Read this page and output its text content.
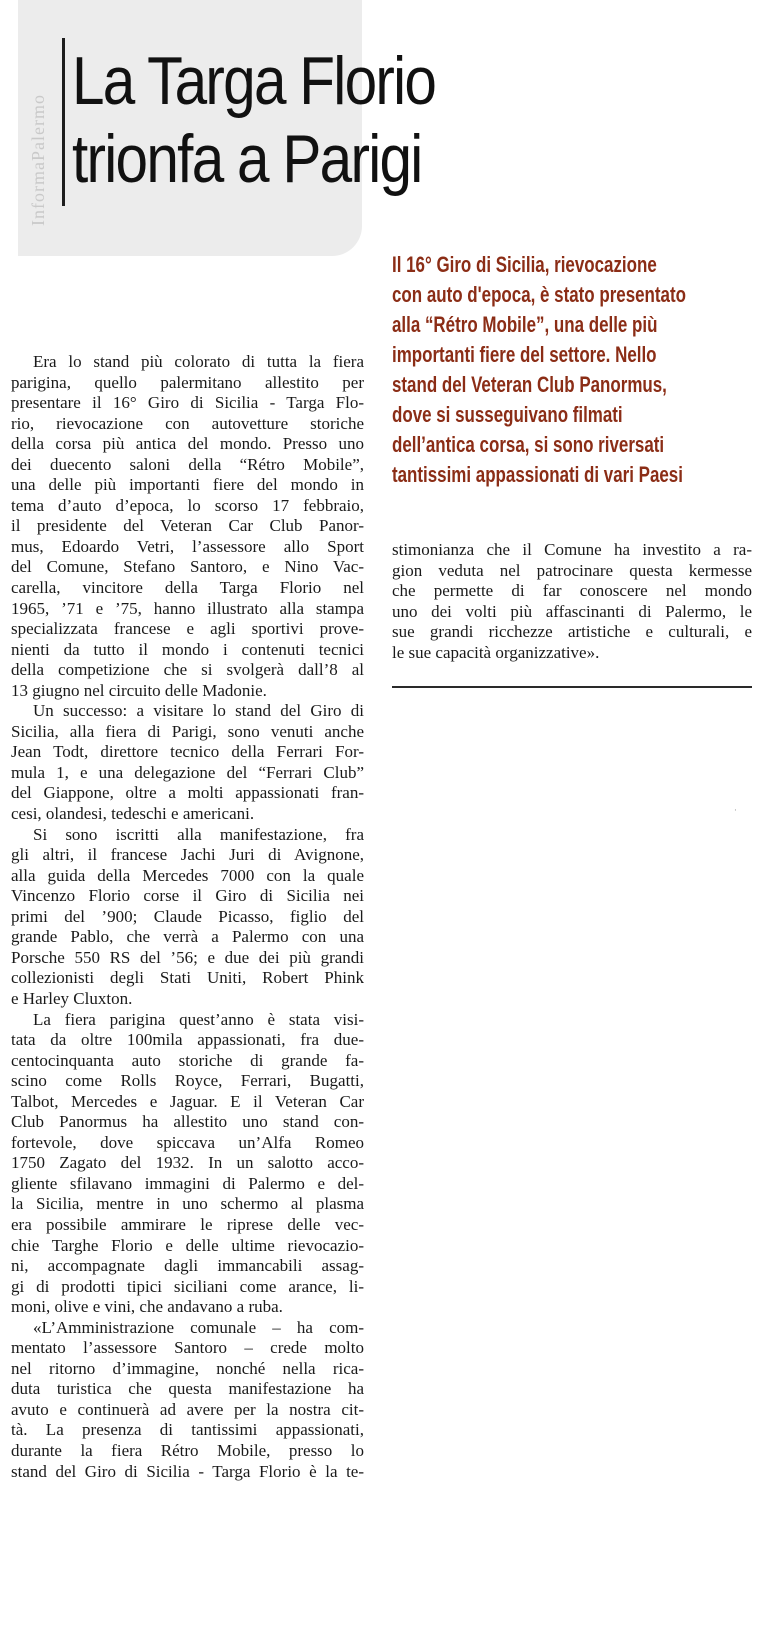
InformaPalermo
La Targa Florio
trionfa a Parigi

Il 16° Giro di Sicilia, rievocazione
con auto d'epoca, è stato presentato
alla “Rétro Mobile”, una delle più
importanti fiere del settore. Nello
stand del Veteran Club Panormus,
dove si susseguivano filmati
dell’antica corsa, si sono riversati
tantissimi appassionati di vari Paesi

Era lo stand più colorato di tutta la fiera
parigina, quello palermitano allestito per
presentare il 16° Giro di Sicilia - Targa Flo-
rio, rievocazione con autovetture storiche
della corsa più antica del mondo. Presso uno
dei duecento saloni della “Rétro Mobile”,
una delle più importanti fiere del mondo in
tema d’auto d’epoca, lo scorso 17 febbraio,
il presidente del Veteran Car Club Panor-
mus, Edoardo Vetri, l’assessore allo Sport
del Comune, Stefano Santoro, e Nino Vac-
carella, vincitore della Targa Florio nel
1965, ’71 e ’75, hanno illustrato alla stampa
specializzata francese e agli sportivi prove-
nienti da tutto il mondo i contenuti tecnici
della competizione che si svolgerà dall’8 al
13 giugno nel circuito delle Madonie.
Un successo: a visitare lo stand del Giro di
Sicilia, alla fiera di Parigi, sono venuti anche
Jean Todt, direttore tecnico della Ferrari For-
mula 1, e una delegazione del “Ferrari Club”
del Giappone, oltre a molti appassionati fran-
cesi, olandesi, tedeschi e americani.
Si sono iscritti alla manifestazione, fra
gli altri, il francese Jachi Juri di Avignone,
alla guida della Mercedes 7000 con la quale
Vincenzo Florio corse il Giro di Sicilia nei
primi del ’900; Claude Picasso, figlio del
grande Pablo, che verrà a Palermo con una
Porsche 550 RS del ’56; e due dei più grandi
collezionisti degli Stati Uniti, Robert Phink
e Harley Cluxton.
La fiera parigina quest’anno è stata visi-
tata da oltre 100mila appassionati, fra due-
centocinquanta auto storiche di grande fa-
scino come Rolls Royce, Ferrari, Bugatti,
Talbot, Mercedes e Jaguar. E il Veteran Car
Club Panormus ha allestito uno stand con-
fortevole, dove spiccava un’Alfa Romeo
1750 Zagato del 1932. In un salotto acco-
gliente sfilavano immagini di Palermo e del-
la Sicilia, mentre in uno schermo al plasma
era possibile ammirare le riprese delle vec-
chie Targhe Florio e delle ultime rievocazio-
ni, accompagnate dagli immancabili assag-
gi di prodotti tipici siciliani come arance, li-
moni, olive e vini, che andavano a ruba.
«L’Amministrazione comunale – ha com-
mentato l’assessore Santoro – crede molto
nel ritorno d’immagine, nonché nella rica-
duta turistica che questa manifestazione ha
avuto e continuerà ad avere per la nostra cit-
tà. La presenza di tantissimi appassionati,
durante la fiera Rétro Mobile, presso lo
stand del Giro di Sicilia - Targa Florio è la te-
stimonianza che il Comune ha investito a ra-
gion veduta nel patrocinare questa kermesse
che permette di far conoscere nel mondo
uno dei volti più affascinanti di Palermo, le
sue grandi ricchezze artistiche e culturali, e
le sue capacità organizzative».
·
